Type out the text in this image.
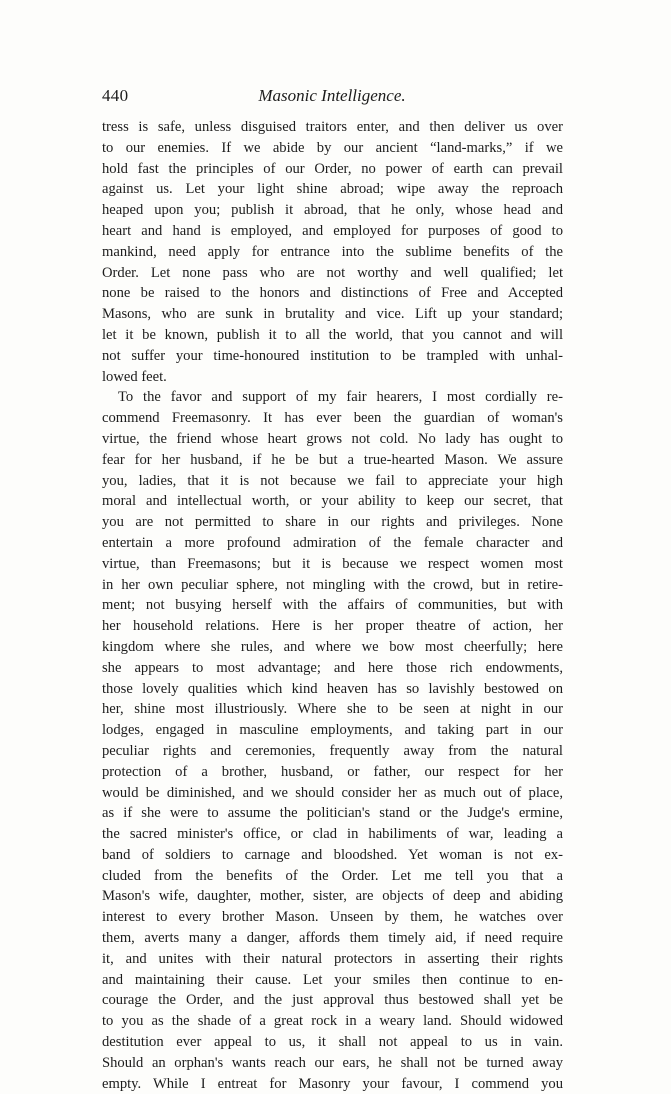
440	Masonic Intelligence.
tress is safe, unless disguised traitors enter, and then deliver us over
to our enemies. If we abide by our ancient “land-marks,” if we
hold fast the principles of our Order, no power of earth can prevail
against us. Let your light shine abroad; wipe away the reproach
heaped upon you; publish it abroad, that he only, whose head and
heart and hand is employed, and employed for purposes of good to
mankind, need apply for entrance into the sublime benefits of the
Order. Let none pass who are not worthy and well qualified; let
none be raised to the honors and distinctions of Free and Accepted
Masons, who are sunk in brutality and vice. Lift up your standard;
let it be known, publish it to all the world, that you cannot and will
not suffer your time-honoured institution to be trampled with unhal-
lowed feet.
To the favor and support of my fair hearers, I most cordially re-
commend Freemasonry. It has ever been the guardian of woman's
virtue, the friend whose heart grows not cold. No lady has ought to
fear for her husband, if he be but a true-hearted Mason. We assure
you, ladies, that it is not because we fail to appreciate your high
moral and intellectual worth, or your ability to keep our secret, that
you are not permitted to share in our rights and privileges. None
entertain a more profound admiration of the female character and
virtue, than Freemasons; but it is because we respect women most
in her own peculiar sphere, not mingling with the crowd, but in retire-
ment; not busying herself with the affairs of communities, but with
her household relations. Here is her proper theatre of action, her
kingdom where she rules, and where we bow most cheerfully; here
she appears to most advantage; and here those rich endowments,
those lovely qualities which kind heaven has so lavishly bestowed on
her, shine most illustriously. Where she to be seen at night in our
lodges, engaged in masculine employments, and taking part in our
peculiar rights and ceremonies, frequently away from the natural
protection of a brother, husband, or father, our respect for her
would be diminished, and we should consider her as much out of place,
as if she were to assume the politician's stand or the Judge's ermine,
the sacred minister's office, or clad in habiliments of war, leading a
band of soldiers to carnage and bloodshed. Yet woman is not ex-
cluded from the benefits of the Order. Let me tell you that a
Mason's wife, daughter, mother, sister, are objects of deep and abiding
interest to every brother Mason. Unseen by them, he watches over
them, averts many a danger, affords them timely aid, if need require
it, and unites with their natural protectors in asserting their rights
and maintaining their cause. Let your smiles then continue to en-
courage the Order, and the just approval thus bestowed shall yet be
to you as the shade of a great rock in a weary land. Should widowed
destitution ever appeal to us, it shall not appeal to us in vain.
Should an orphan's wants reach our ears, he shall not be turned away
empty. While I entreat for Masonry your favour, I commend you
